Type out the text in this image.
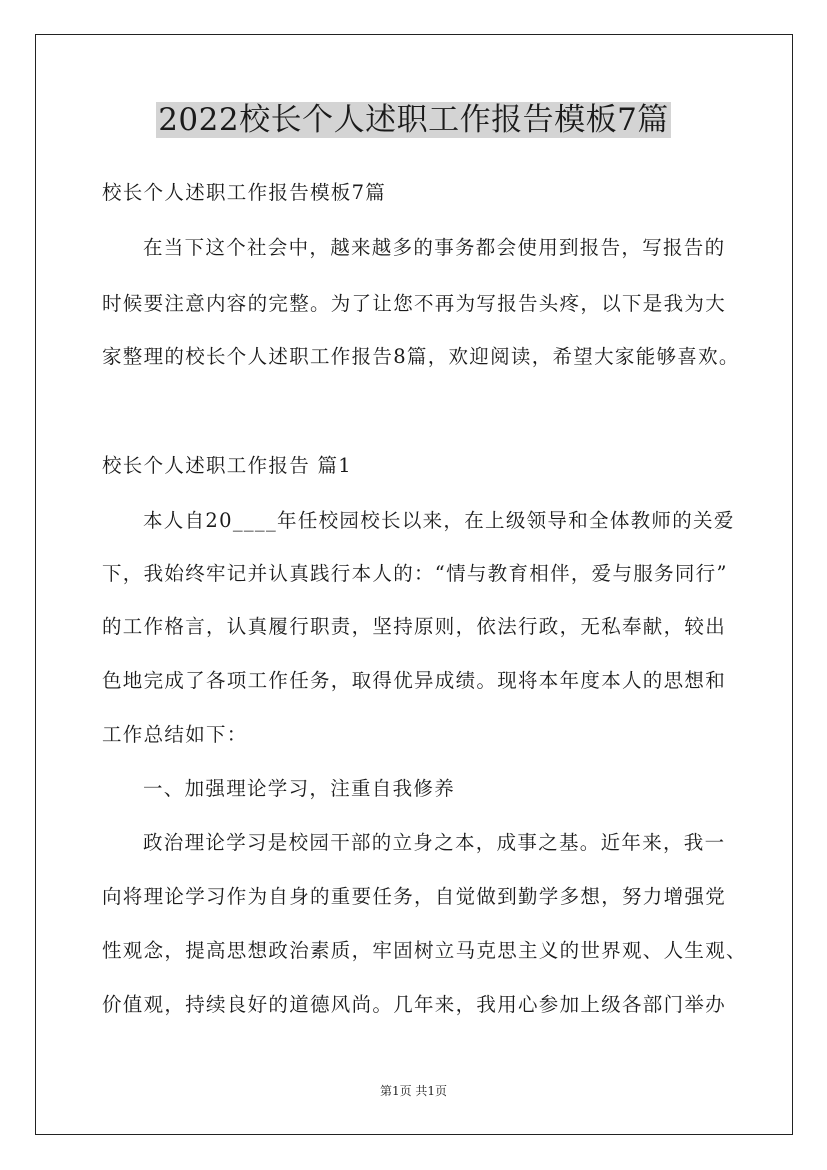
2022校长个人述职工作报告模板7篇
校长个人述职工作报告模板7篇
在当下这个社会中，越来越多的事务都会使用到报告，写报告的
时候要注意内容的完整。为了让您不再为写报告头疼，以下是我为大
家整理的校长个人述职工作报告8篇，欢迎阅读，希望大家能够喜欢。
校长个人述职工作报告 篇1
本人自20____年任校园校长以来，在上级领导和全体教师的关爱
下，我始终牢记并认真践行本人的：“情与教育相伴，爱与服务同行”
的工作格言，认真履行职责，坚持原则，依法行政，无私奉献，较出
色地完成了各项工作任务，取得优异成绩。现将本年度本人的思想和
工作总结如下：
一、加强理论学习，注重自我修养
政治理论学习是校园干部的立身之本，成事之基。近年来，我一
向将理论学习作为自身的重要任务，自觉做到勤学多想，努力增强党
性观念，提高思想政治素质，牢固树立马克思主义的世界观、人生观、
价值观，持续良好的道德风尚。几年来，我用心参加上级各部门举办
第1页 共1页
